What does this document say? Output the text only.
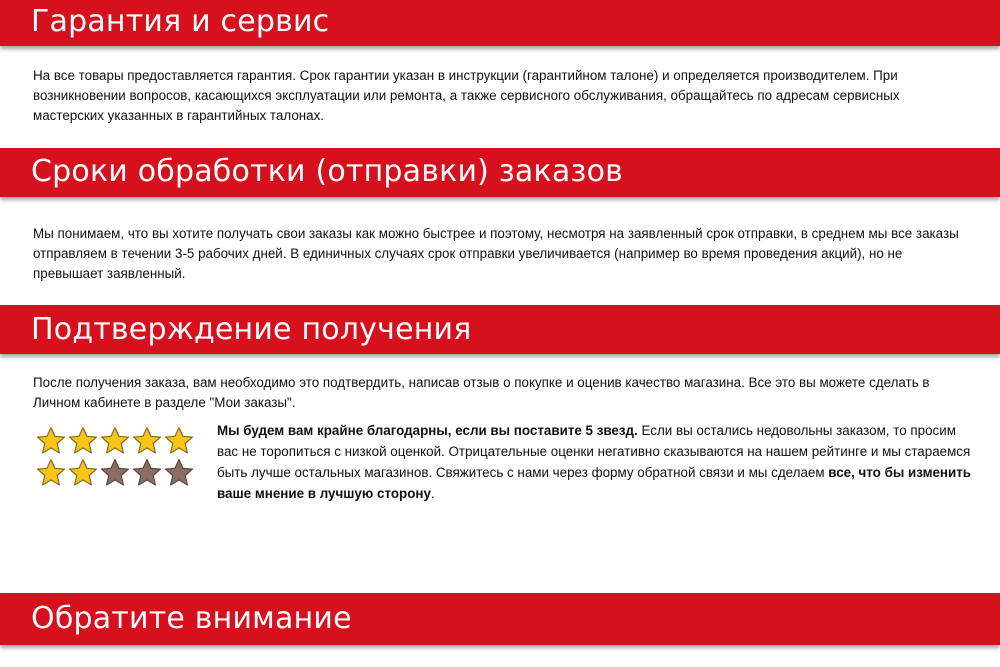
Гарантия и сервис

На все товары предоставляется гарантия. Срок гарантии указан в инструкции (гарантийном талоне) и определяется производителем. При возникновении вопросов, касающихся эксплуатации или ремонта, а также сервисного обслуживания, обращайтесь по адресам сервисных мастерских указанных в гарантийных талонах.

Сроки обработки (отправки) заказов

Мы понимаем, что вы хотите получать свои заказы как можно быстрее и поэтому, несмотря на заявленный срок отправки, в среднем мы все заказы отправляем в течении 3-5 рабочих дней. В единичных случаях срок отправки увеличивается (например во время проведения акций), но не превышает заявленный.

Подтверждение получения

После получения заказа, вам необходимо это подтвердить, написав отзыв о покупке и оценив качество магазина. Все это вы можете сделать в Личном кабинете в разделе "Мои заказы".

Мы будем вам крайне благодарны, если вы поставите 5 звезд. Если вы остались недовольны заказом, то просим вас не торопиться с низкой оценкой. Отрицательные оценки негативно сказываются на нашем рейтинге и мы стараемся быть лучше остальных магазинов. Свяжитесь с нами через форму обратной связи и мы сделаем все, что бы изменить ваше мнение в лучшую сторону.

Обратите внимание
